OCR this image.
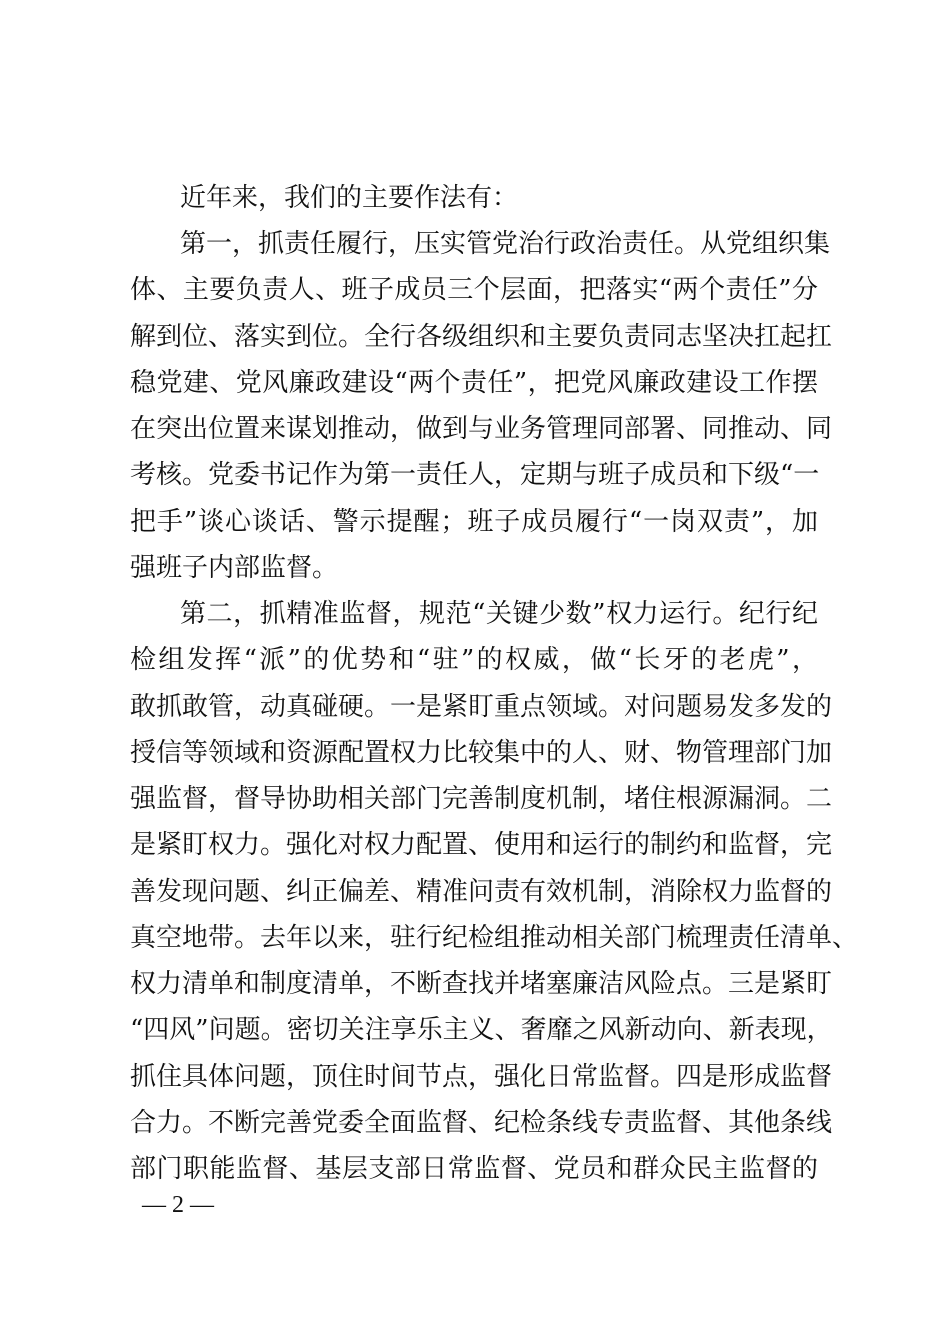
近年来，我们的主要作法有：
第一，抓责任履行，压实管党治行政治责任。从党组织集
体、主要负责人、班子成员三个层面，把落实“两个责任”分
解到位、落实到位。全行各级组织和主要负责同志坚决扛起扛
稳党建、党风廉政建设“两个责任”，把党风廉政建设工作摆
在突出位置来谋划推动，做到与业务管理同部署、同推动、同
考核。党委书记作为第一责任人，定期与班子成员和下级“一
把手”谈心谈话、警示提醒；班子成员履行“一岗双责”，加
强班子内部监督。
第二，抓精准监督，规范“关键少数”权力运行。纪行纪
检组发挥“派”的优势和“驻”的权威，做“长牙的老虎”，
敢抓敢管，动真碰硬。一是紧盯重点领域。对问题易发多发的
授信等领域和资源配置权力比较集中的人、财、物管理部门加
强监督，督导协助相关部门完善制度机制，堵住根源漏洞。二
是紧盯权力。强化对权力配置、使用和运行的制约和监督，完
善发现问题、纠正偏差、精准问责有效机制，消除权力监督的
真空地带。去年以来，驻行纪检组推动相关部门梳理责任清单、
权力清单和制度清单，不断查找并堵塞廉洁风险点。三是紧盯
“四风”问题。密切关注享乐主义、奢靡之风新动向、新表现，
抓住具体问题，顶住时间节点，强化日常监督。四是形成监督
合力。不断完善党委全面监督、纪检条线专责监督、其他条线
部门职能监督、基层支部日常监督、党员和群众民主监督的
— 2 —
